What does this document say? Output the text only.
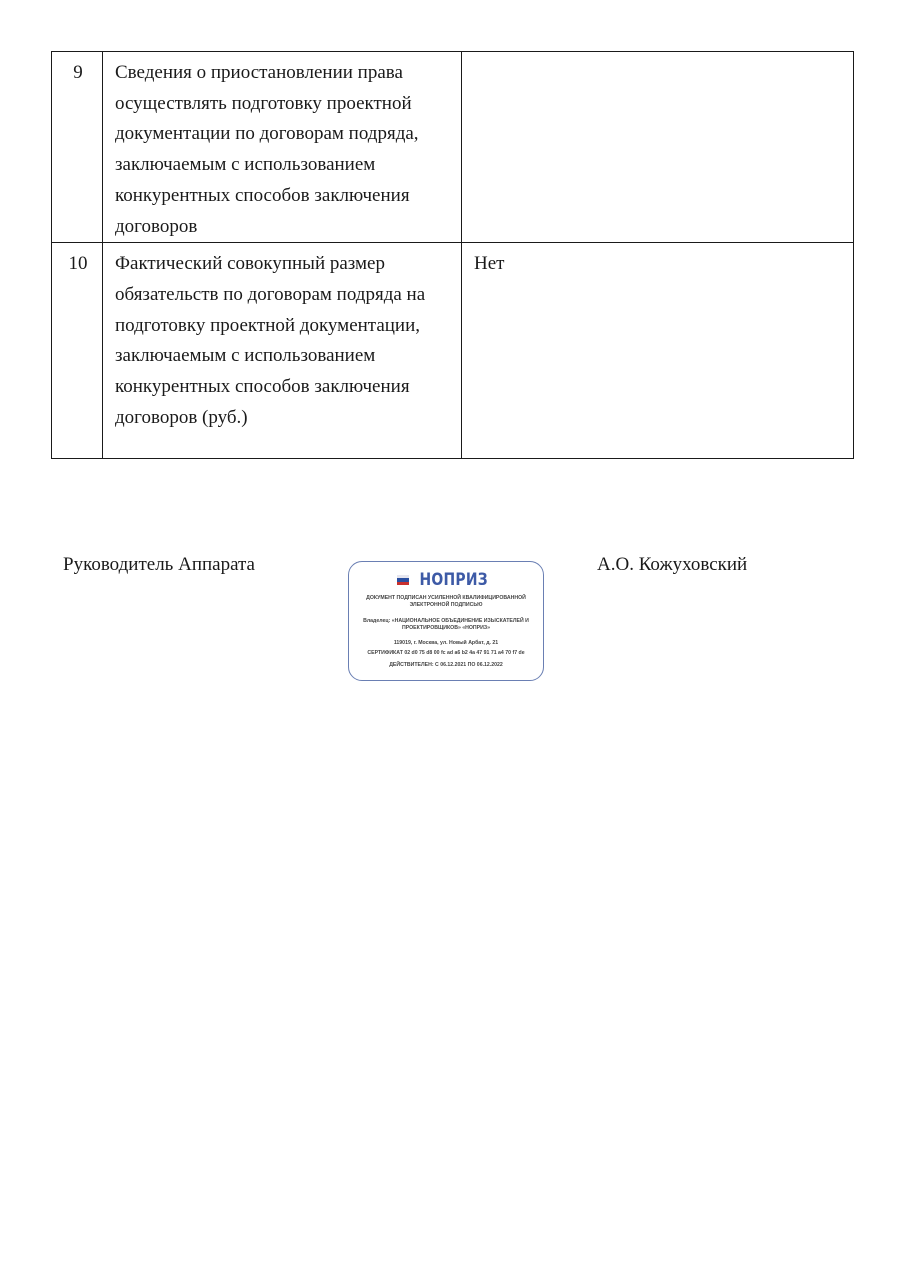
9	Сведения о приостановлении права осуществлять подготовку проектной документации по договорам подряда, заключаемым с использованием конкурентных способов заключения договоров	
10	Фактический совокупный размер обязательств по договорам подряда на подготовку проектной документации, заключаемым с использованием конкурентных способов заключения договоров (руб.)	Нет
Руководитель Аппарата
НОПРИЗ
ДОКУМЕНТ ПОДПИСАН УСИЛЕННОЙ КВАЛИФИЦИРОВАННОЙ ЭЛЕКТРОННОЙ ПОДПИСЬЮ
Владелец: «НАЦИОНАЛЬНОЕ ОБЪЕДИНЕНИЕ ИЗЫСКАТЕЛЕЙ И ПРОЕКТИРОВЩИКОВ» «НОПРИЗ»
119019, г. Москва, ул. Новый Арбат, д. 21
СЕРТИФИКАТ 02 d0 75 d8 00 fc ad a6 b2 4a 47 91 71 a4 70 f7 de
ДЕЙСТВИТЕЛЕН: С 06.12.2021 ПО 06.12.2022
А.О. Кожуховский
